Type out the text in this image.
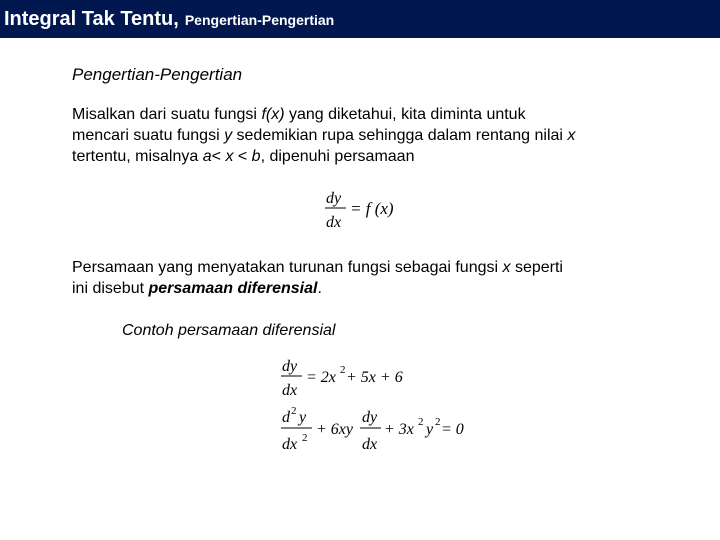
Integral Tak Tentu, Pengertian-Pengertian
Pengertian-Pengertian
Misalkan dari suatu fungsi f(x) yang diketahui, kita diminta untuk
mencari suatu fungsi y sedemikian rupa sehingga dalam rentang nilai x
tertentu, misalnya a< x < b, dipenuhi persamaan
dy
dx
= f (x)
Persamaan yang menyatakan turunan fungsi sebagai fungsi x seperti
ini disebut persamaan diferensial.
Contoh persamaan diferensial
dy
dx
= 2x 2 + 5x + 6
d 2 y
dx 2 + 6xy
dy
dx
+ 3x 2 y 2 = 0
